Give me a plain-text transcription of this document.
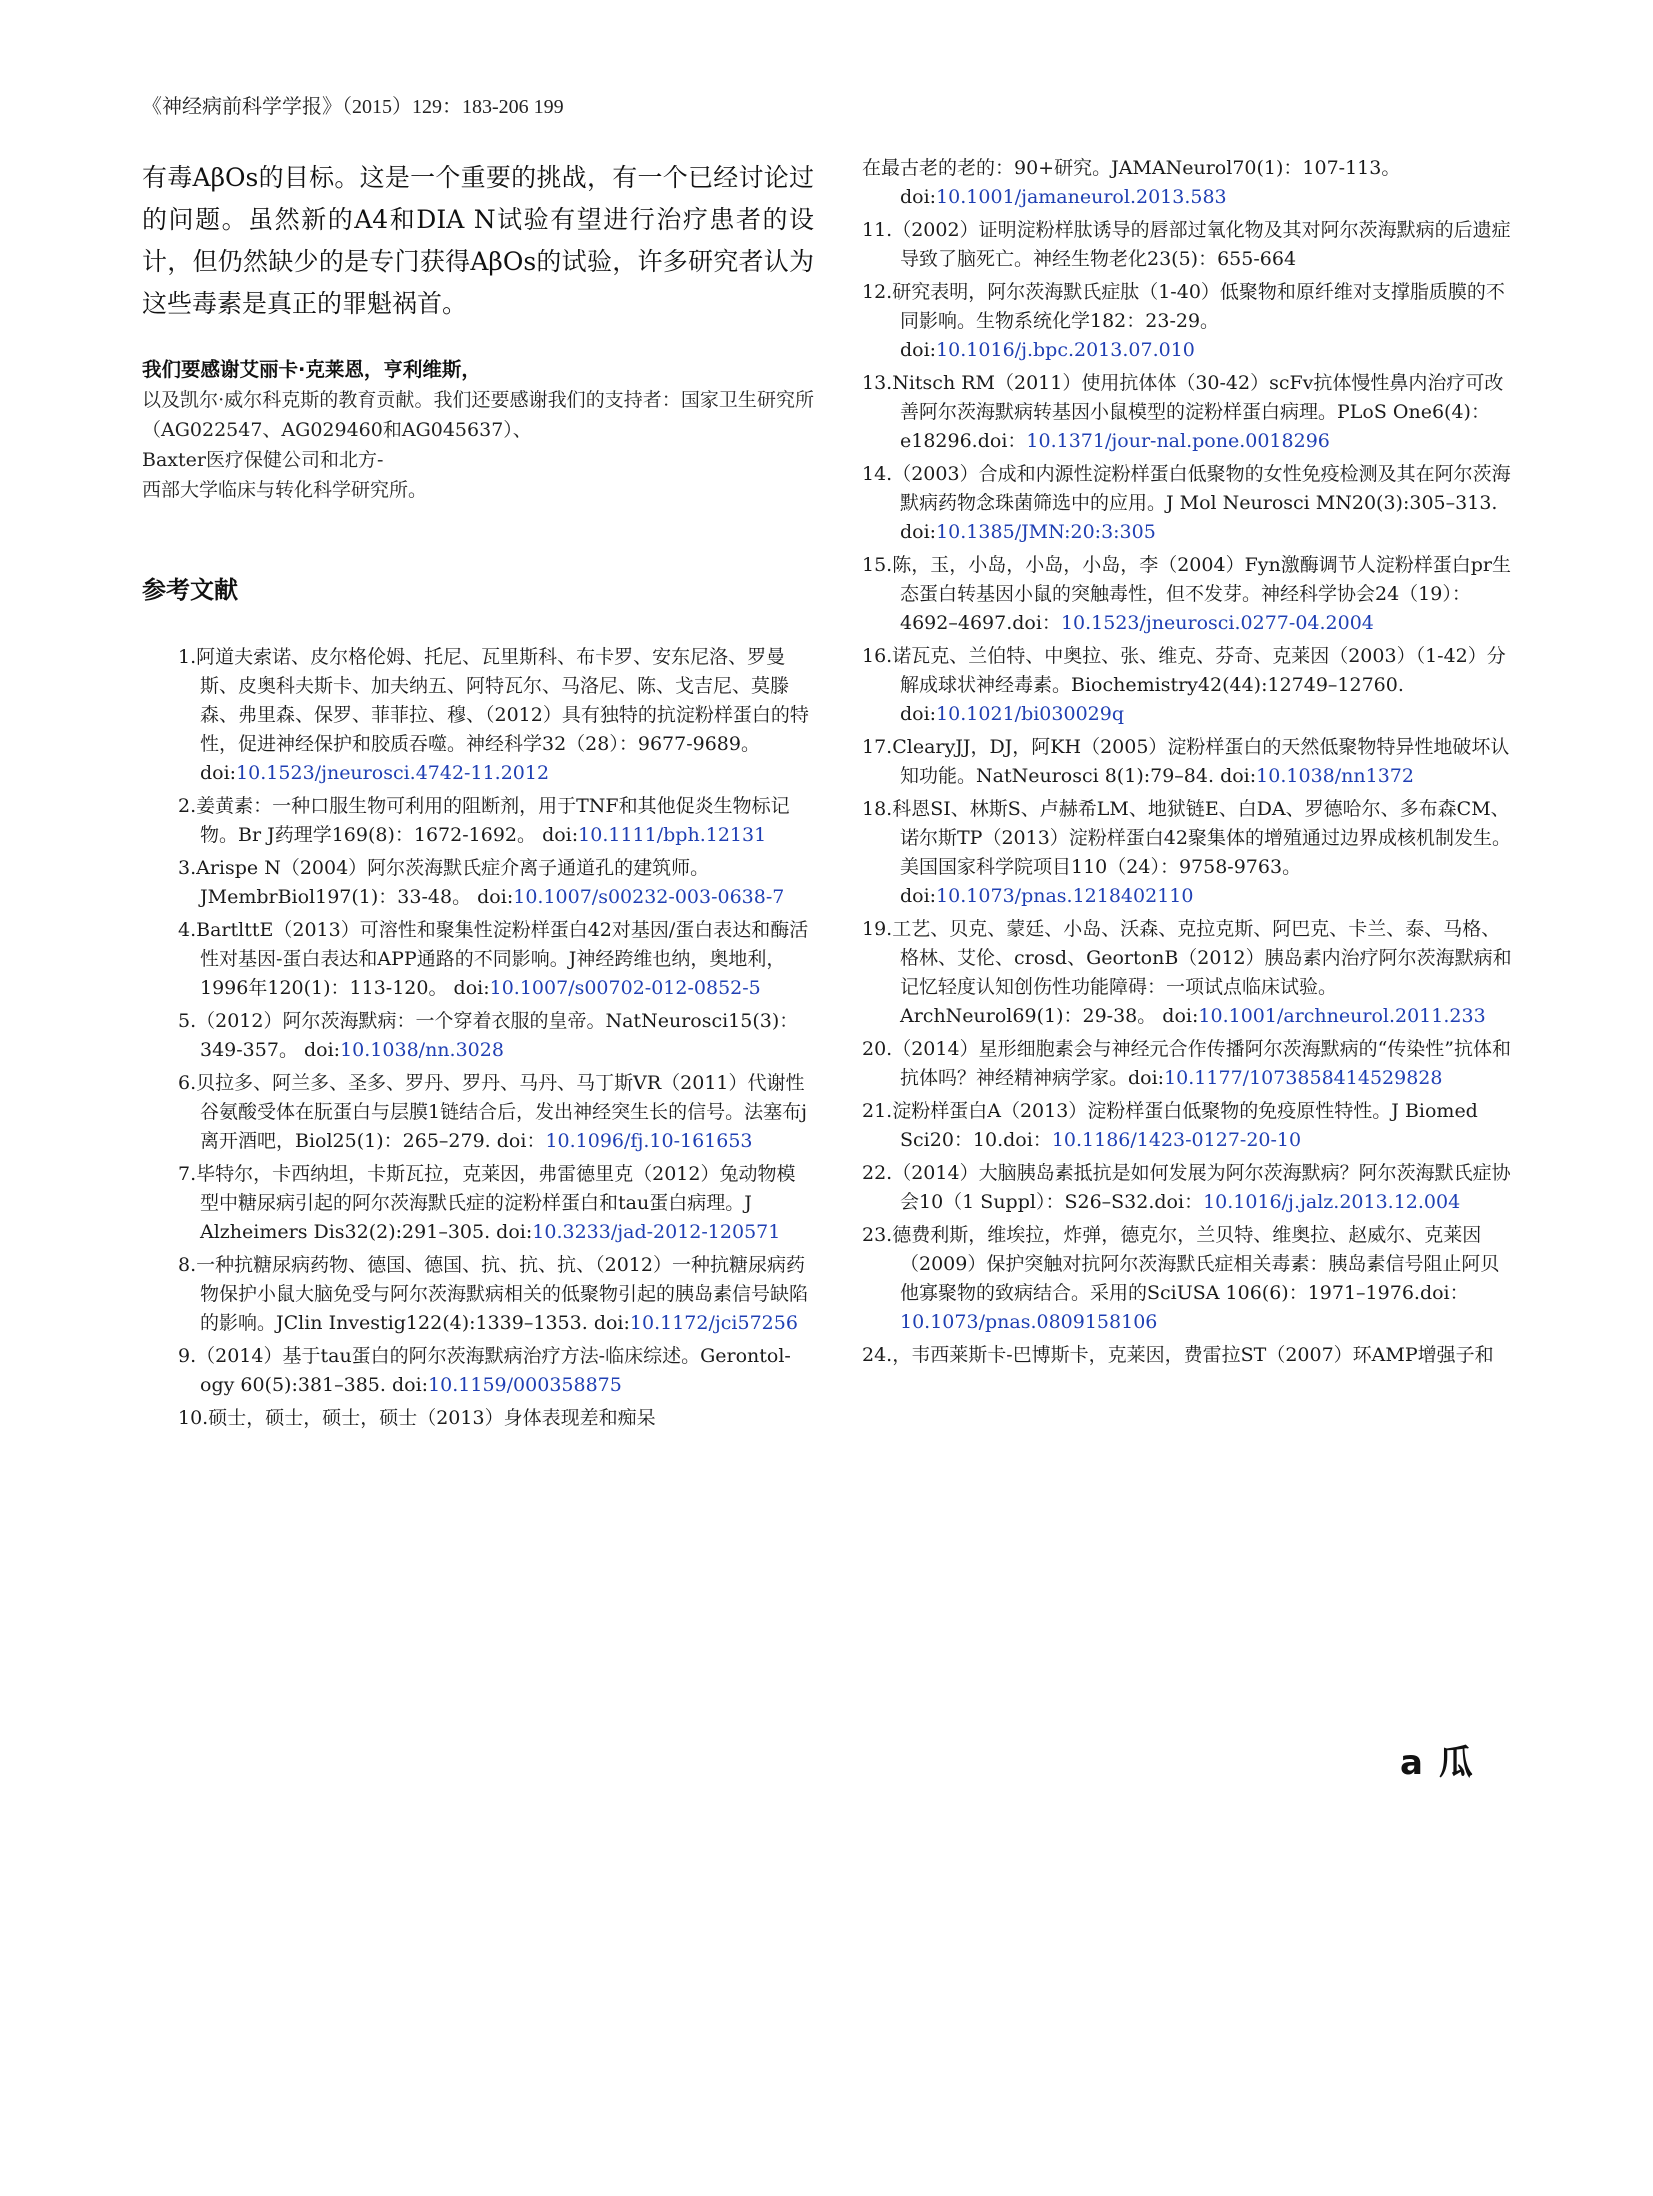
《神经病前科学学报》（2015）129：183-206 199

有毒AβOs的目标。这是一个重要的挑战，有一个已经讨论过的问题。虽然新的A4和DIA N试验有望进行治疗患者的设计，但仍然缺少的是专门获得AβOs的试验，许多研究者认为这些毒素是真正的罪魁祸首。

我们要感谢艾丽卡·克莱恩，亨利维斯，

以及凯尔·威尔科克斯的教育贡献。我们还要感谢我们的支持者：国家卫生研究所（AG022547、AG029460和AG045637）、
Baxter医疗保健公司和北方-
西部大学临床与转化科学研究所。

参考文献
1.阿道夫索诺、皮尔格伦姆、托尼、瓦里斯科、布卡罗、安东尼洛、罗曼斯、皮奥科夫斯卡、加夫纳五、阿特瓦尔、马洛尼、陈、戈吉尼、莫滕森、弗里森、保罗、菲菲拉、穆、（2012）具有独特的抗淀粉样蛋白的特性，促进神经保护和胶质吞噬。神经科学32（28）：9677-9689。 doi:10.1523/jneurosci.4742-11.2012
2.姜黄素：一种口服生物可利用的阻断剂，用于TNF和其他促炎生物标记物。Br J药理学169(8)：1672-1692。 doi:10.1111/bph.12131
3.Arispe N（2004）阿尔茨海默氏症介离子通道孔的建筑师。JMembrBiol197(1)：33-48。 doi:10.1007/s00232-003-0638-7
4.BartlttE（2013）可溶性和聚集性淀粉样蛋白42对基因/蛋白表达和酶活性对基因-蛋白表达和APP通路的不同影响。J神经跨维也纳，奥地利，1996年120(1)：113-120。 doi:10.1007/s00702-012-0852-5
5.（2012）阿尔茨海默病：一个穿着衣服的皇帝。NatNeurosci15(3)：349-357。 doi:10.1038/nn.3028
6.贝拉多、阿兰多、圣多、罗丹、罗丹、马丹、马丁斯VR（2011）代谢性谷氨酸受体在朊蛋白与层膜1链结合后，发出神经突生长的信号。法塞布j离开酒吧，Biol25(1)：265–279. doi：10.1096/fj.10-161653
7.毕特尔，卡西纳坦，卡斯瓦拉，克莱因，弗雷德里克（2012）兔动物模型中糖尿病引起的阿尔茨海默氏症的淀粉样蛋白和tau蛋白病理。J Alzheimers Dis32(2):291–305. doi:10.3233/jad-2012-120571
8.一种抗糖尿病药物、德国、德国、抗、抗、抗、（2012）一种抗糖尿病药物保护小鼠大脑免受与阿尔茨海默病相关的低聚物引起的胰岛素信号缺陷的影响。JClin Investig122(4):1339–1353. doi:10.1172/jci57256
9.（2014）基于tau蛋白的阿尔茨海默病治疗方法-临床综述。Gerontol-ogy 60(5):381–385. doi:10.1159/000358875
10.硕士，硕士，硕士，硕士（2013）身体表现差和痴呆
在最古老的老的：90+研究。JAMANeurol70(1)：107-113。 doi:10.1001/jamaneurol.2013.583
11.（2002）证明淀粉样肽诱导的唇部过氧化物及其对阿尔茨海默病的后遗症导致了脑死亡。神经生物老化23(5)：655-664
12.研究表明，阿尔茨海默氏症肽（1-40）低聚物和原纤维对支撑脂质膜的不同影响。生物系统化学182：23-29。 doi:10.1016/j.bpc.2013.07.010
13.Nitsch RM（2011）使用抗体体（30-42）scFv抗体慢性鼻内治疗可改善阿尔茨海默病转基因小鼠模型的淀粉样蛋白病理。PLoS One6(4)：e18296.doi：10.1371/jour-nal.pone.0018296
14.（2003）合成和内源性淀粉样蛋白低聚物的女性免疫检测及其在阿尔茨海默病药物念珠菌筛选中的应用。J Mol Neurosci MN20(3):305–313. doi:10.1385/JMN:20:3:305
15.陈，玉，小岛，小岛，小岛，李（2004）Fyn激酶调节人淀粉样蛋白pr生态蛋白转基因小鼠的突触毒性，但不发芽。神经科学协会24（19）：4692–4697.doi：10.1523/jneurosci.0277-04.2004
16.诺瓦克、兰伯特、中奥拉、张、维克、芬奇、克莱因（2003）（1-42）分解成球状神经毒素。Biochemistry42(44):12749–12760. doi:10.1021/bi030029q
17.ClearyJJ，DJ，阿KH（2005）淀粉样蛋白的天然低聚物特异性地破坏认知功能。NatNeurosci 8(1):79–84. doi:10.1038/nn1372
18.科恩SI、林斯S、卢赫希LM、地狱链E、白DA、罗德哈尔、多布森CM、诺尔斯TP（2013）淀粉样蛋白42聚集体的增殖通过边界成核机制发生。美国国家科学院项目110（24）：9758-9763。 doi:10.1073/pnas.1218402110
19.工艺、贝克、蒙廷、小岛、沃森、克拉克斯、阿巴克、卡兰、泰、马格、格林、艾伦、crosd、GeortonB（2012）胰岛素内治疗阿尔茨海默病和记忆轻度认知创伤性功能障碍：一项试点临床试验。ArchNeurol69(1)：29-38。 doi:10.1001/archneurol.2011.233
20.（2014）星形细胞素会与神经元合作传播阿尔茨海默病的“传染性”抗体和抗体吗？神经精神病学家。doi:10.1177/1073858414529828
21.淀粉样蛋白A（2013）淀粉样蛋白低聚物的免疫原性特性。J Biomed Sci20：10.doi：10.1186/1423-0127-20-10
22.（2014）大脑胰岛素抵抗是如何发展为阿尔茨海默病？阿尔茨海默氏症协会10（1 Suppl）：S26–S32.doi：10.1016/j.jalz.2013.12.004
23.德费利斯，维埃拉，炸弹，德克尔，兰贝特、维奥拉、赵威尔、克莱因（2009）保护突触对抗阿尔茨海默氏症相关毒素：胰岛素信号阻止阿贝他寡聚物的致病结合。采用的SciUSA 106(6)：1971–1976.doi：10.1073/pnas.0809158106
24.，韦西莱斯卡-巴博斯卡，克莱因，费雷拉ST（2007）环AMP增强子和
a 瓜
